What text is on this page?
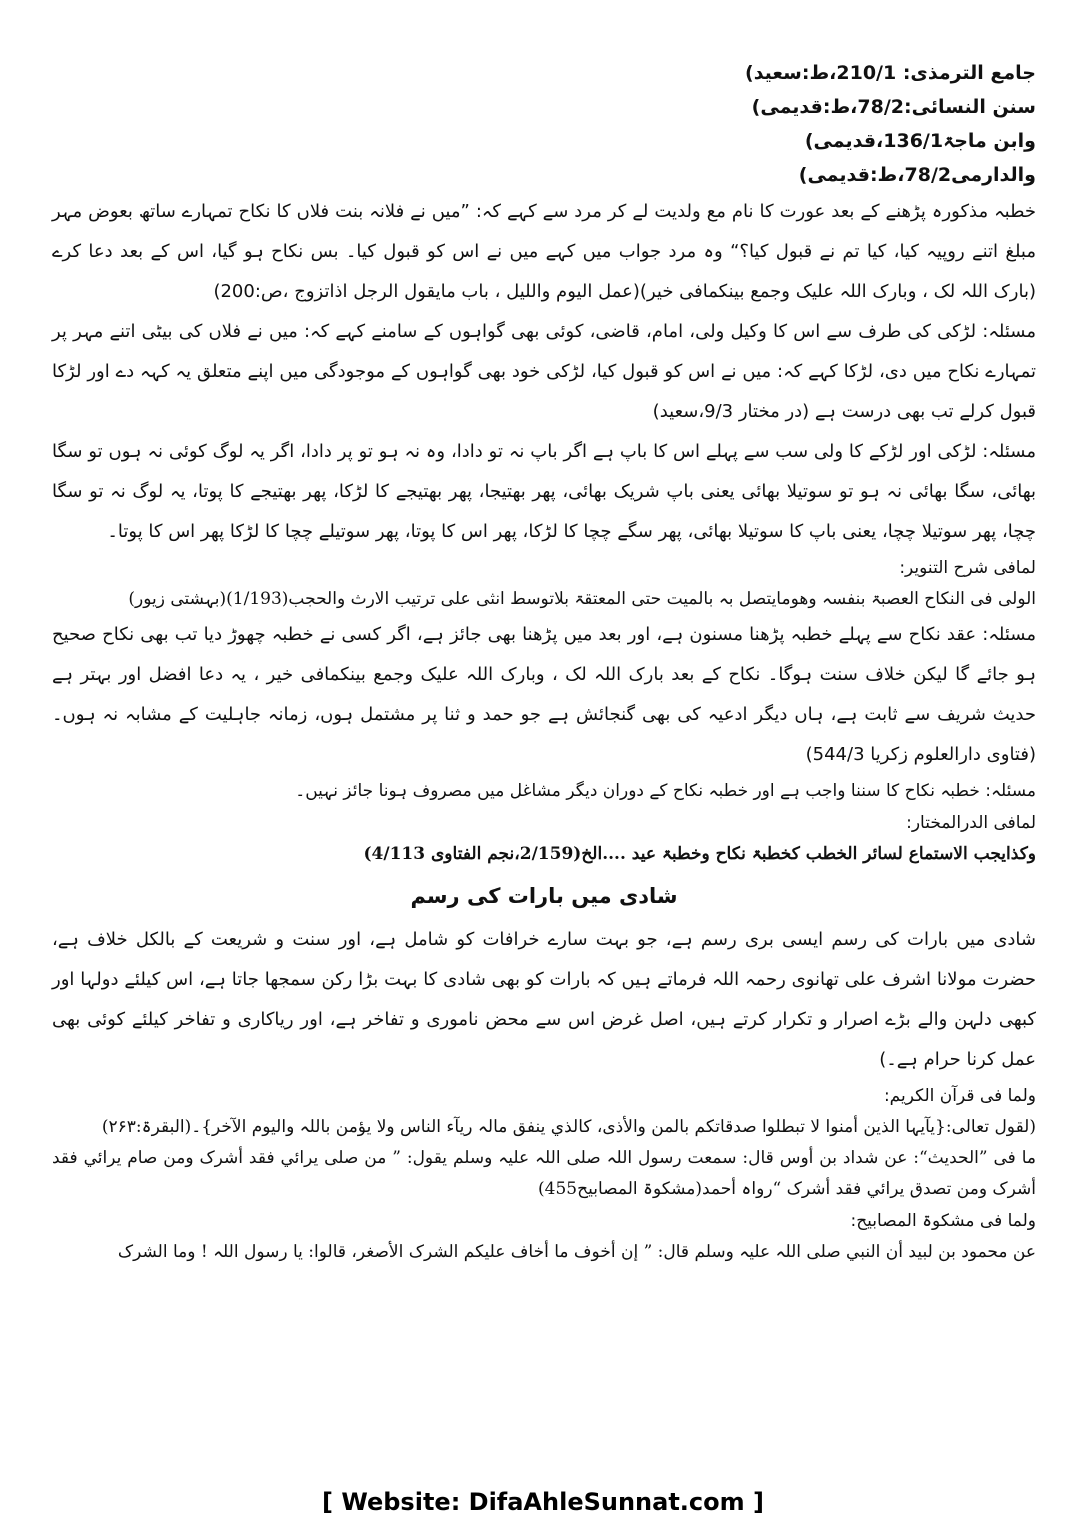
جامع الترمذی: 210/1،ط:سعید)

سنن النسائی:78/2،ط:قدیمی)

وابن ماجۃ136/1،قدیمی)

والدارمی78/2،ط:قدیمی)

خطبہ مذکورہ پڑھنے کے بعد عورت کا نام مع ولدیت لے کر مرد سے کہے کہ: ”میں نے فلانہ بنت فلاں کا نکاح تمہارے ساتھ بعوض مہر مبلغ اتنے روپیہ کیا، کیا تم نے قبول کیا؟“ وہ مرد جواب میں کہے میں نے اس کو قبول کیا۔ بس نکاح ہو گیا، اس کے بعد دعا کرے (بارک اللہ لک ، وبارک اللہ علیک وجمع بینکمافی خیر)(عمل الیوم واللیل ، باب مایقول الرجل اذاتزوج ،ص:200)

مسئلہ: لڑکی کی طرف سے اس کا وکیل ولی، امام، قاضی، کوئی بھی گواہوں کے سامنے کہے کہ: میں نے فلاں کی بیٹی اتنے مہر پر تمہارے نکاح میں دی، لڑکا کہے کہ: میں نے اس کو قبول کیا، لڑکی خود بھی گواہوں کے موجودگی میں اپنے متعلق یہ کہہ دے اور لڑکا قبول کرلے تب بھی درست ہے (در مختار 9/3،سعید)

مسئلہ: لڑکی اور لڑکے کا ولی سب سے پہلے اس کا باپ ہے اگر باپ نہ تو دادا، وہ نہ ہو تو پر دادا، اگر یہ لوگ کوئی نہ ہوں تو سگا بھائی، سگا بھائی نہ ہو تو سوتیلا بھائی یعنی باپ شریک بھائی، پھر بھتیجا، پھر بھتیجے کا لڑکا، پھر بھتیجے کا پوتا، یہ لوگ نہ تو سگا چچا، پھر سوتیلا چچا، یعنی باپ کا سوتیلا بھائی، پھر سگے چچا کا لڑکا، پھر اس کا پوتا، پھر سوتیلے چچا کا لڑکا پھر اس کا پوتا۔

لمافی شرح التنویر:

الولی فی النکاح العصبۃ بنفسہ وھومایتصل بہ بالمیت حتی المعتقۃ بلاتوسط انثی علی ترتیب الارث والحجب(1/193)(بہشتی زیور)

مسئلہ: عقد نکاح سے پہلے خطبہ پڑھنا مسنون ہے، اور بعد میں پڑھنا بھی جائز ہے، اگر کسی نے خطبہ چھوڑ دیا تب بھی نکاح صحیح ہو جائے گا لیکن خلاف سنت ہوگا۔ نکاح کے بعد بارک اللہ لک ، وبارک اللہ علیک وجمع بینکمافی خیر ، یہ دعا افضل اور بہتر ہے حدیث شریف سے ثابت ہے، ہاں دیگر ادعیہ کی بھی گنجائش ہے جو حمد و ثنا پر مشتمل ہوں، زمانہ جاہلیت کے مشابہ نہ ہوں۔ (فتاوی دارالعلوم زکریا 544/3)

مسئلہ: خطبہ نکاح کا سننا واجب ہے اور خطبہ نکاح کے دوران دیگر مشاغل میں مصروف ہونا جائز نہیں۔

لمافی الدرالمختار:

وکذایجب الاستماع لسائر الخطب کخطبۃ نکاح وخطبۃ عید ....الخ(2/159،نجم الفتاوی 4/113)

شادی میں بارات کی رسم

شادی میں بارات کی رسم ایسی بری رسم ہے، جو بہت سارے خرافات کو شامل ہے، اور سنت و شریعت کے بالکل خلاف ہے، حضرت مولانا اشرف علی تھانوی رحمہ اللہ فرماتے ہیں کہ بارات کو بھی شادی کا بہت بڑا رکن سمجھا جاتا ہے، اس کیلئے دولہا اور کبھی دلہن والے بڑے اصرار و تکرار کرتے ہیں، اصل غرض اس سے محض ناموری و تفاخر ہے، اور ریاکاری و تفاخر کیلئے کوئی بھی عمل کرنا حرام ہے۔)

ولما فی قرآن الکریم:

(لقول تعالی:{یآیہا الذین أمنوا لا تبطلوا صدقاتکم بالمن والأذی، کالذي ینفق مالہ ریآء الناس ولا یؤمن باللہ والیوم الآخر}۔(البقرۃ:۲۶۳)

ما فی ”الحدیث“: عن شداد بن أوس قال: سمعت رسول اللہ صلی اللہ علیہ وسلم یقول: ” من صلی یرائي فقد أشرک ومن صام یرائي فقد أشرک ومن تصدق یرائي فقد أشرک “رواہ أحمد(مشکوۃ المصابیح455)

ولما فی مشکوۃ المصابیح:

عن محمود بن لبید أن النبي صلی اللہ علیہ وسلم قال: ” إن أخوف ما أخاف علیکم الشرک الأصغر، قالوا: یا رسول اللہ ! وما الشرک

[ Website: DifaAhleSunnat.com ]
